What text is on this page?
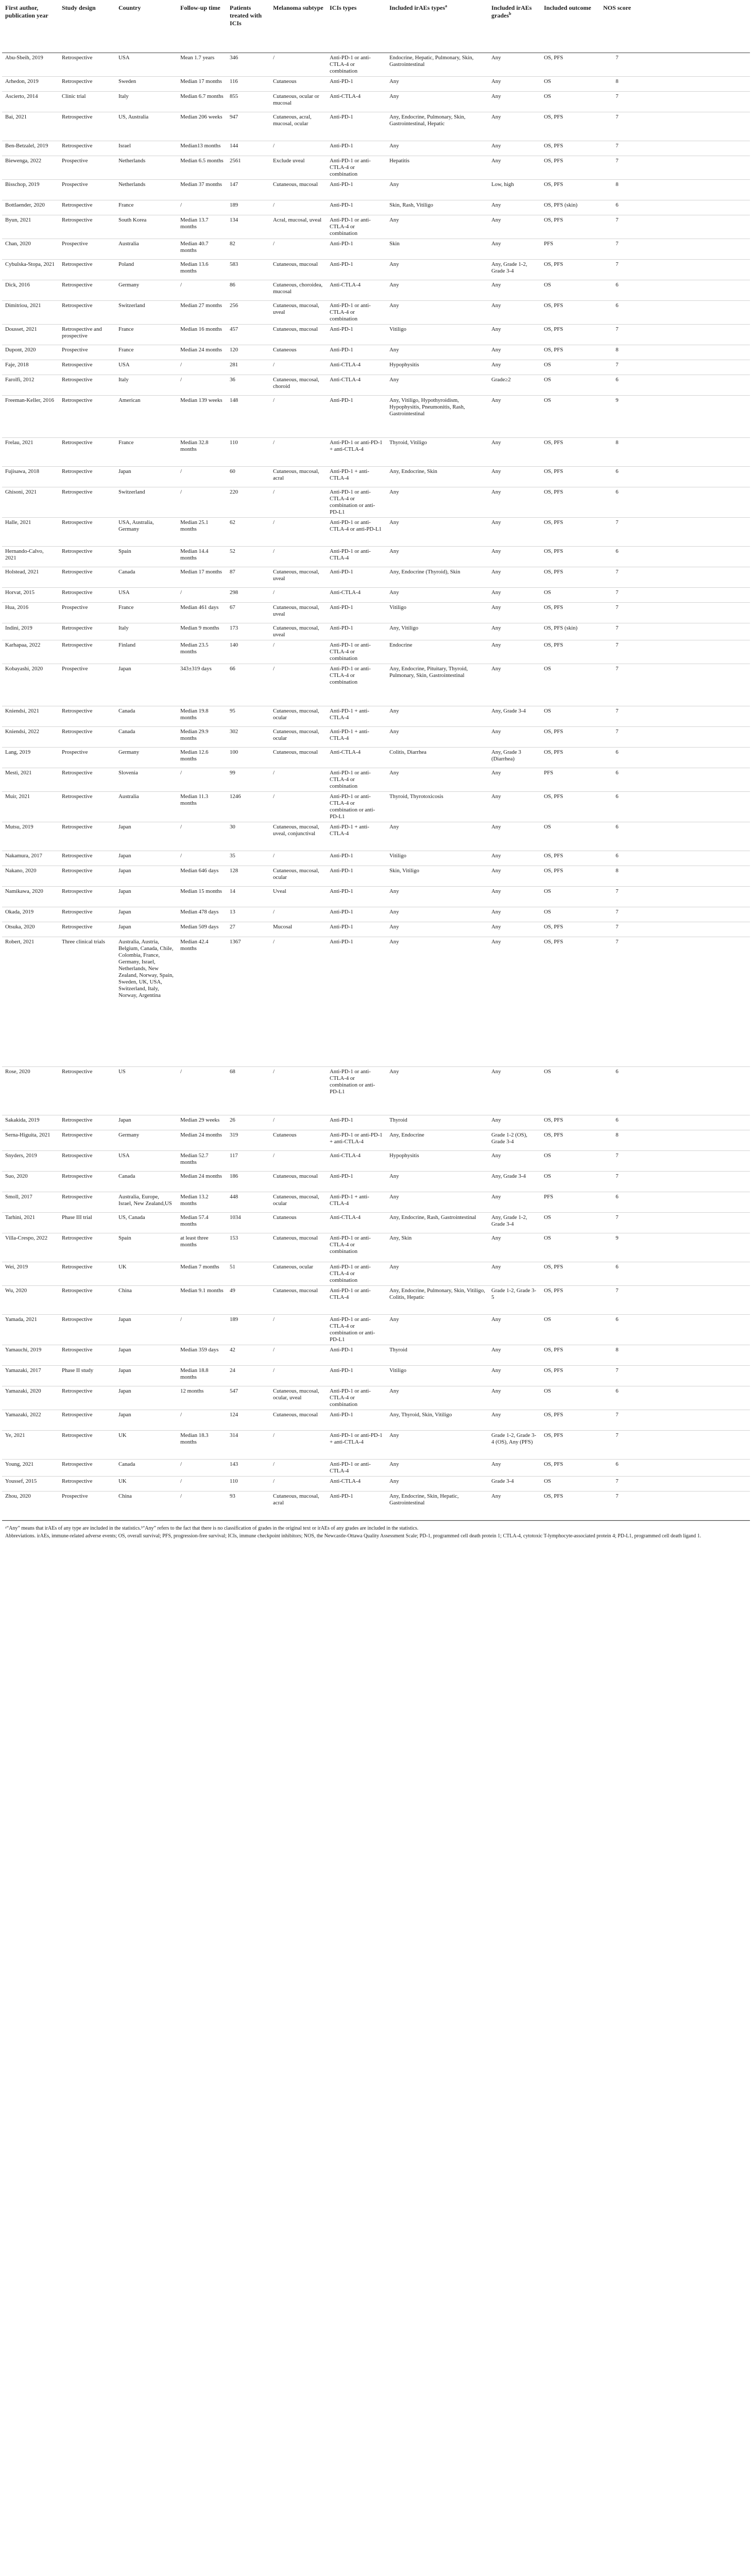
First author, publication year	Study design	Country	Follow-up time	Patients treated with ICIs	Melanoma subtype	ICIs types	Included irAEs types$^a$	Included irAEs grades$^b$	Included outcome	NOS score	
Abu-Sbeih, 2019	Retrospective	USA	Mean 1.7 years	346	/	Anti-PD-1 or anti-CTLA-4 or combination	Endocrine, Hepatic, Pulmonary, Skin, Gastrointestinal	Any	OS, PFS	7	
Arhedon, 2019	Retrospective	Sweden	Median 17 months	116	Cutaneous	Anti-PD-1	Any	Any	OS	8	
Ascierto, 2014	Clinic trial	Italy	Median 6.7 months	855	Cutaneous, ocular or mucosal	Anti-CTLA-4	Any	Any	OS	7	
Bai, 2021	Retrospective	US, Australia	Median 206 weeks	947	Cutaneous, acral, mucosal, ocular	Anti-PD-1	Any, Endocrine, Pulmonary, Skin, Gastrointestinal, Hepatic	Any	OS, PFS	7	
Ben-Betzalel, 2019	Retrospective	Israel	Median13 months	144	/	Anti-PD-1	Any	Any	OS, PFS	7	
Biewenga, 2022	Prospective	Netherlands	Median 6.5 months	2561	Exclude uveal	Anti-PD-1 or anti-CTLA-4 or combination	Hepatitis	Any	OS, PFS	7	
Bisschop, 2019	Prospective	Netherlands	Median 37 months	147	Cutaneous, mucosal	Anti-PD-1	Any	Low, high	OS, PFS	8	
Bottlaender, 2020	Retrospective	France	/	189	/	Anti-PD-1	Skin, Rash, Vitiligo	Any	OS, PFS (skin)	6	
Byun, 2021	Retrospective	South Korea	Median 13.7 months	134	Acral, mucosal, uveal	Anti-PD-1 or anti-CTLA-4 or combination	Any	Any	OS, PFS	7	
Chan, 2020	Prospective	Australia	Median 40.7 months	82	/	Anti-PD-1	Skin	Any	PFS	7	
Cybulska-Stopa, 2021	Retrospective	Poland	Median 13.6 months	583	Cutaneous, mucosal	Anti-PD-1	Any	Any, Grade 1-2, Grade 3-4	OS, PFS	7	
Dick, 2016	Retrospective	Germany	/	86	Cutaneous, choroidea, mucosal	Anti-CTLA-4	Any	Any	OS	6	
Dimitriou, 2021	Retrospective	Switzerland	Median 27 months	256	Cutaneous, mucosal, uveal	Anti-PD-1 or anti-CTLA-4 or combination	Any	Any	OS, PFS	6	
Dousset, 2021	Retrospective and prospective	France	Median 16 months	457	Cutaneous, mucosal	Anti-PD-1	Vitiligo	Any	OS, PFS	7	
Dupont, 2020	Prospective	France	Median 24 months	120	Cutaneous	Anti-PD-1	Any	Any	OS, PFS	8	
Faje, 2018	Retrospective	USA	/	281	/	Anti-CTLA-4	Hypophysitis	Any	OS	7	
Farolfi, 2012	Retrospective	Italy	/	36	Cutaneous, mucosal, choroid	Anti-CTLA-4	Any	Grade≥2	OS	6	
Freeman-Keller, 2016	Retrospective	American	Median 139 weeks	148	/	Anti-PD-1	Any, Vitiligo, Hypothyroidism, Hypophysitis, Pneumonitis, Rash, Gastrointestinal	Any	OS	9	
Frelau, 2021	Retrospective	France	Median 32.8 months	110	/	Anti-PD-1 or anti-PD-1 + anti-CTLA-4	Thyroid, Vitiligo	Any	OS, PFS	8	
Fujisawa, 2018	Retrospective	Japan	/	60	Cutaneous, mucosal, acral	Anti-PD-1 + anti-CTLA-4	Any, Endocrine, Skin	Any	OS, PFS	6	
Ghisoni, 2021	Retrospective	Switzerland	/	220	/	Anti-PD-1 or anti-CTLA-4 or combination or anti-PD-L1	Any	Any	OS, PFS	6	
Halle, 2021	Retrospective	USA, Australia, Germany	Median 25.1 months	62	/	Anti-PD-1 or anti-CTLA-4 or anti-PD-L1	Any	Any	OS, PFS	7	
Hernando-Calvo, 2021	Retrospective	Spain	Median 14.4 months	52	/	Anti-PD-1 or anti-CTLA-4	Any	Any	OS, PFS	6	
Holstead, 2021	Retrospective	Canada	Median 17 months	87	Cutaneous, mucosal, uveal	Anti-PD-1	Any, Endocrine (Thyroid), Skin	Any	OS, PFS	7	
Horvat, 2015	Retrospective	USA	/	298	/	Anti-CTLA-4	Any	Any	OS	7	
Hua, 2016	Prospective	France	Median 461 days	67	Cutaneous, mucosal, uveal	Anti-PD-1	Vitiligo	Any	OS, PFS	7	
Indini, 2019	Retrospective	Italy	Median 9 months	173	Cutaneous, mucosal, uveal	Anti-PD-1	Any, Vitiligo	Any	OS, PFS (skin)	7	
Karhapaa, 2022	Retrospective	Finland	Median 23.5 months	140	/	Anti-PD-1 or anti-CTLA-4 or combination	Endocrine	Any	OS, PFS	7	
Kobayashi, 2020	Prospective	Japan	343±319 days	66	/	Anti-PD-1 or anti-CTLA-4 or combination	Any, Endocrine, Pituitary, Thyroid, Pulmonary, Skin, Gastrointestinal	Any	OS	7	
Kniendsi, 2021	Retrospective	Canada	Median 19.8 months	95	Cutaneous, mucosal, ocular	Anti-PD-1 + anti-CTLA-4	Any	Any, Grade 3-4	OS	7	
Kniendsi, 2022	Retrospective	Canada	Median 29.9 months	302	Cutaneous, mucosal, ocular	Anti-PD-1 + anti-CTLA-4	Any	Any	OS, PFS	7	
Lang, 2019	Prospective	Germany	Median 12.6 months	100	Cutaneous, mucosal	Anti-CTLA-4	Colitis, Diarrhea	Any, Grade 3 (Diarrhea)	OS, PFS	6	
Mesti, 2021	Retrospective	Slovenia	/	99	/	Anti-PD-1 or anti-CTLA-4 or combination	Any	Any	PFS	6	
Muir, 2021	Retrospective	Australia	Median 11.3 months	1246	/	Anti-PD-1 or anti-CTLA-4 or combination or anti-PD-L1	Thyroid, Thyrotoxicosis	Any	OS, PFS	6	
Mutsu, 2019	Retrospective	Japan	/	30	Cutaneous, mucosal, uveal, conjunctival	Anti-PD-1 + anti-CTLA-4	Any	Any	OS	6	
Nakamura, 2017	Retrospective	Japan	/	35	/	Anti-PD-1	Vitiligo	Any	OS, PFS	6	
Nakano, 2020	Retrospective	Japan	Median 646 days	128	Cutaneous, mucosal, ocular	Anti-PD-1	Skin, Vitiligo	Any	OS, PFS	8	
Namikawa, 2020	Retrospective	Japan	Median 15 months	14	Uveal	Anti-PD-1	Any	Any	OS	7	
Okada, 2019	Retrospective	Japan	Median 478 days	13	/	Anti-PD-1	Any	Any	OS	7	
Otsuka, 2020	Retrospective	Japan	Median 509 days	27	Mucosal	Anti-PD-1	Any	Any	OS, PFS	7	
Robert, 2021	Three clinical trials	Australia, Austria, Belgium, Canada, Chile, Colombia, France, Germany, Israel, Netherlands, New Zealand, Norway, Spain, Sweden, UK, USA, Switzerland, Italy, Norway, Argentina	Median 42.4 months	1367	/	Anti-PD-1	Any	Any	OS, PFS	7	
Rose, 2020	Retrospective	US	/	68	/	Anti-PD-1 or anti-CTLA-4 or combination or anti-PD-L1	Any	Any	OS	6	
Sakakida, 2019	Retrospective	Japan	Median 29 weeks	26	/	Anti-PD-1	Thyroid	Any	OS, PFS	6	
Serna-Higuita, 2021	Retrospective	Germany	Median 24 months	319	Cutaneous	Anti-PD-1 or anti-PD-1 + anti-CTLA-4	Any, Endocrine	Grade 1-2 (OS), Grade 3-4	OS, PFS	8	
Snyders, 2019	Retrospective	USA	Median 52.7 months	117	/	Anti-CTLA-4	Hypophysitis	Any	OS	7	
Suo, 2020	Retrospective	Canada	Median 24 months	186	Cutaneous, mucosal	Anti-PD-1	Any	Any, Grade 3-4	OS	7	
Smoll, 2017	Retrospective	Australia, Europe, Israel, New Zealand,US	Median 13.2 months	448	Cutaneous, mucosal, ocular	Anti-PD-1 + anti-CTLA-4	Any	Any	PFS	6	
Tarhini, 2021	Phase III trial	US, Canada	Median 57.4 months	1034	Cutaneous	Anti-CTLA-4	Any, Endocrine, Rash, Gastrointestinal	Any, Grade 1-2, Grade 3-4	OS	7	
Villa-Crespo, 2022	Retrospective	Spain	at least three months	153	Cutaneous, mucosal	Anti-PD-1 or anti-CTLA-4 or combination	Any, Skin	Any	OS	9	
Wei, 2019	Retrospective	UK	Median 7 months	51	Cutaneous, ocular	Anti-PD-1 or anti-CTLA-4 or combination	Any	Any	OS, PFS	6	
Wu, 2020	Retrospective	China	Median 9.1 months	49	Cutaneous, mucosal	Anti-PD-1 or anti-CTLA-4	Any, Endocrine, Pulmonary, Skin, Vitiligo, Colitis, Hepatic	Grade 1-2, Grade 3-5	OS, PFS	7	
Yamada, 2021	Retrospective	Japan	/	189	/	Anti-PD-1 or anti-CTLA-4 or combination or anti-PD-L1	Any	Any	OS	6	
Yamauchi, 2019	Retrospective	Japan	Median 359 days	42	/	Anti-PD-1	Thyroid	Any	OS, PFS	8	
Yamazaki, 2017	Phase II study	Japan	Median 18.8 months	24	/	Anti-PD-1	Vitiligo	Any	OS, PFS	7	
Yamazaki, 2020	Retrospective	Japan	12 months	547	Cutaneous, mucosal, ocular, uveal	Anti-PD-1 or anti-CTLA-4 or combination	Any	Any	OS	6	
Yamazaki, 2022	Retrospective	Japan	/	124	Cutaneous, mucosal	Anti-PD-1	Any, Thyroid, Skin, Vitiligo	Any	OS, PFS	7	
Ye, 2021	Retrospective	UK	Median 18.3 months	314	/	Anti-PD-1 or anti-PD-1 + anti-CTLA-4	Any	Grade 1-2, Grade 3-4 (OS), Any (PFS)	OS, PFS	7	
Young, 2021	Retrospective	Canada	/	143	/	Anti-PD-1 or anti-CTLA-4	Any	Any	OS, PFS	6	
Youssef, 2015	Retrospective	UK	/	110	/	Anti-CTLA-4	Any	Grade 3-4	OS	7	
Zhou, 2020	Prospective	China	/	93	Cutaneous, mucosal, acral	Anti-PD-1	Any, Endocrine, Skin, Hepatic, Gastrointestinal	Any	OS, PFS	7	

ᵃ“Any” means that irAEs of any type are included in the statistics.ᵇ“Any” refers to the fact that there is no classification of grades in the original text or irAEs of any grades are included in the statistics.

Abbreviations. irAEs, immune-related adverse events; OS, overall survival; PFS, progression-free survival; ICIs, immune checkpoint inhibitors; NOS, the Newcastle-Ottawa Quality Assessment Scale; PD-1, programmed cell death protein 1; CTLA-4, cytotoxic T-lymphocyte-associated protein 4; PD-L1, programmed cell death ligand 1.
